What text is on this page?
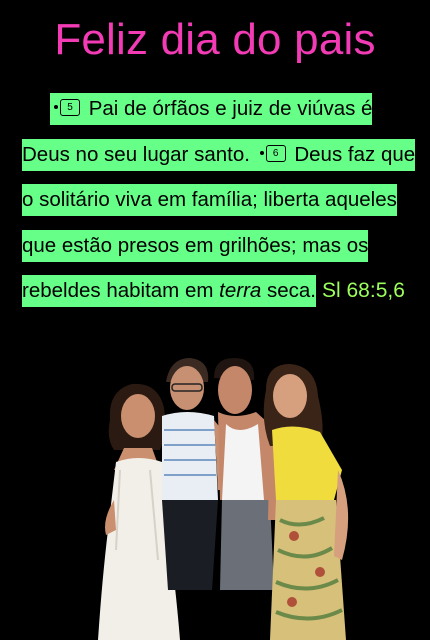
Feliz dia do pais

5 Pai de órfãos e juiz de viúvas é Deus no seu lugar santo. 6 Deus faz que o solitário viva em família; liberta aqueles que estão presos em grilhões; mas os rebeldes habitam em terra seca. Sl 68:5,6
